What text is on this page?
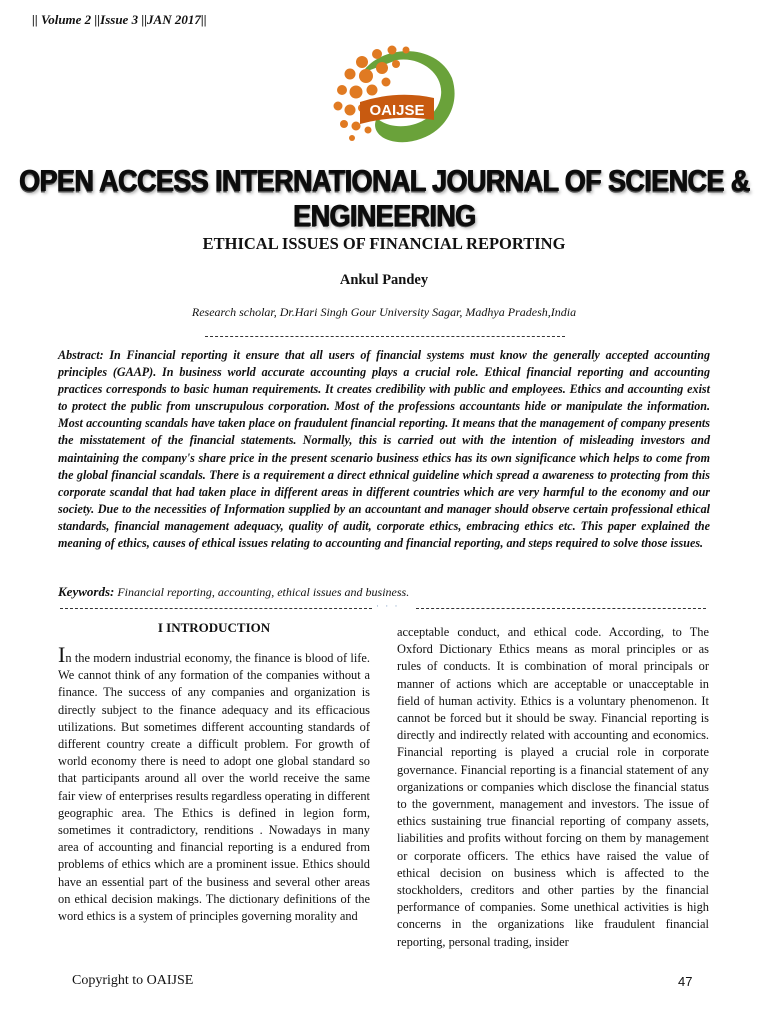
|| Volume 2 ||Issue 3 ||JAN 2017||
OAIJSE
OPEN ACCESS INTERNATIONAL JOURNAL OF SCIENCE & ENGINEERING
ETHICAL ISSUES OF FINANCIAL REPORTING
Ankul Pandey
Research scholar, Dr.Hari Singh Gour University Sagar, Madhya Pradesh,India
Abstract: In Financial reporting it ensure that all users of financial systems must know the generally accepted accounting principles (GAAP). In business world accurate accounting plays a crucial role. Ethical financial reporting and accounting practices corresponds to basic human requirements. It creates credibility with public and employees. Ethics and accounting exist to protect the public from unscrupulous corporation. Most of the professions accountants hide or manipulate the information. Most accounting scandals have taken place on fraudulent financial reporting. It means that the management of company presents the misstatement of the financial statements. Normally, this is carried out with the intention of misleading investors and maintaining the company's share price in the present scenario business ethics has its own significance which helps to come from the global financial scandals. There is a requirement a direct ethnical guideline which spread a awareness to protecting from this corporate scandal that had taken place in different areas in different countries which are very harmful to the economy and our society. Due to the necessities of Information supplied by an accountant and manager should observe certain professional ethical standards, financial management adequacy, quality of audit, corporate ethics, embracing ethics etc. This paper explained the meaning of ethics, causes of ethical issues relating to accounting and financial reporting, and steps required to solve those issues.
Keywords: Financial reporting, accounting, ethical issues and business.
· · ·
I INTRODUCTION
In the modern industrial economy, the finance is blood of life. We cannot think of any formation of the companies without a finance. The success of any companies and organization is directly subject to the finance adequacy and its efficacious utilizations. But sometimes different accounting standards of different country create a difficult problem. For growth of world economy there is need to adopt one global standard so that participants around all over the world receive the same fair view of enterprises results regardless operating in different geographic area. The Ethics is defined in legion form, sometimes it contradictory, renditions . Nowadays in many area of accounting and financial reporting is a endured from problems of ethics which are a prominent issue. Ethics should have an essential part of the business and several other areas on ethical decision makings. The dictionary definitions of the word ethics is a system of principles governing morality and
acceptable conduct, and ethical code. According, to The Oxford Dictionary Ethics means as moral principles or as rules of conducts. It is combination of moral principals or manner of actions which are acceptable or unacceptable in field of human activity. Ethics is a voluntary phenomenon. It cannot be forced but it should be sway. Financial reporting is directly and indirectly related with accounting and economics. Financial reporting is played a crucial role in corporate governance. Financial reporting is a financial statement of any organizations or companies which disclose the financial status to the government, management and investors. The issue of ethics sustaining true financial reporting of company assets, liabilities and profits without forcing on them by management or corporate officers. The ethics have raised the value of ethical decision on business which is affected to the stockholders, creditors and other parties by the financial performance of companies. Some unethical activities is high concerns in the organizations like fraudulent financial reporting, personal trading, insider
Copyright to OAIJSE	47
